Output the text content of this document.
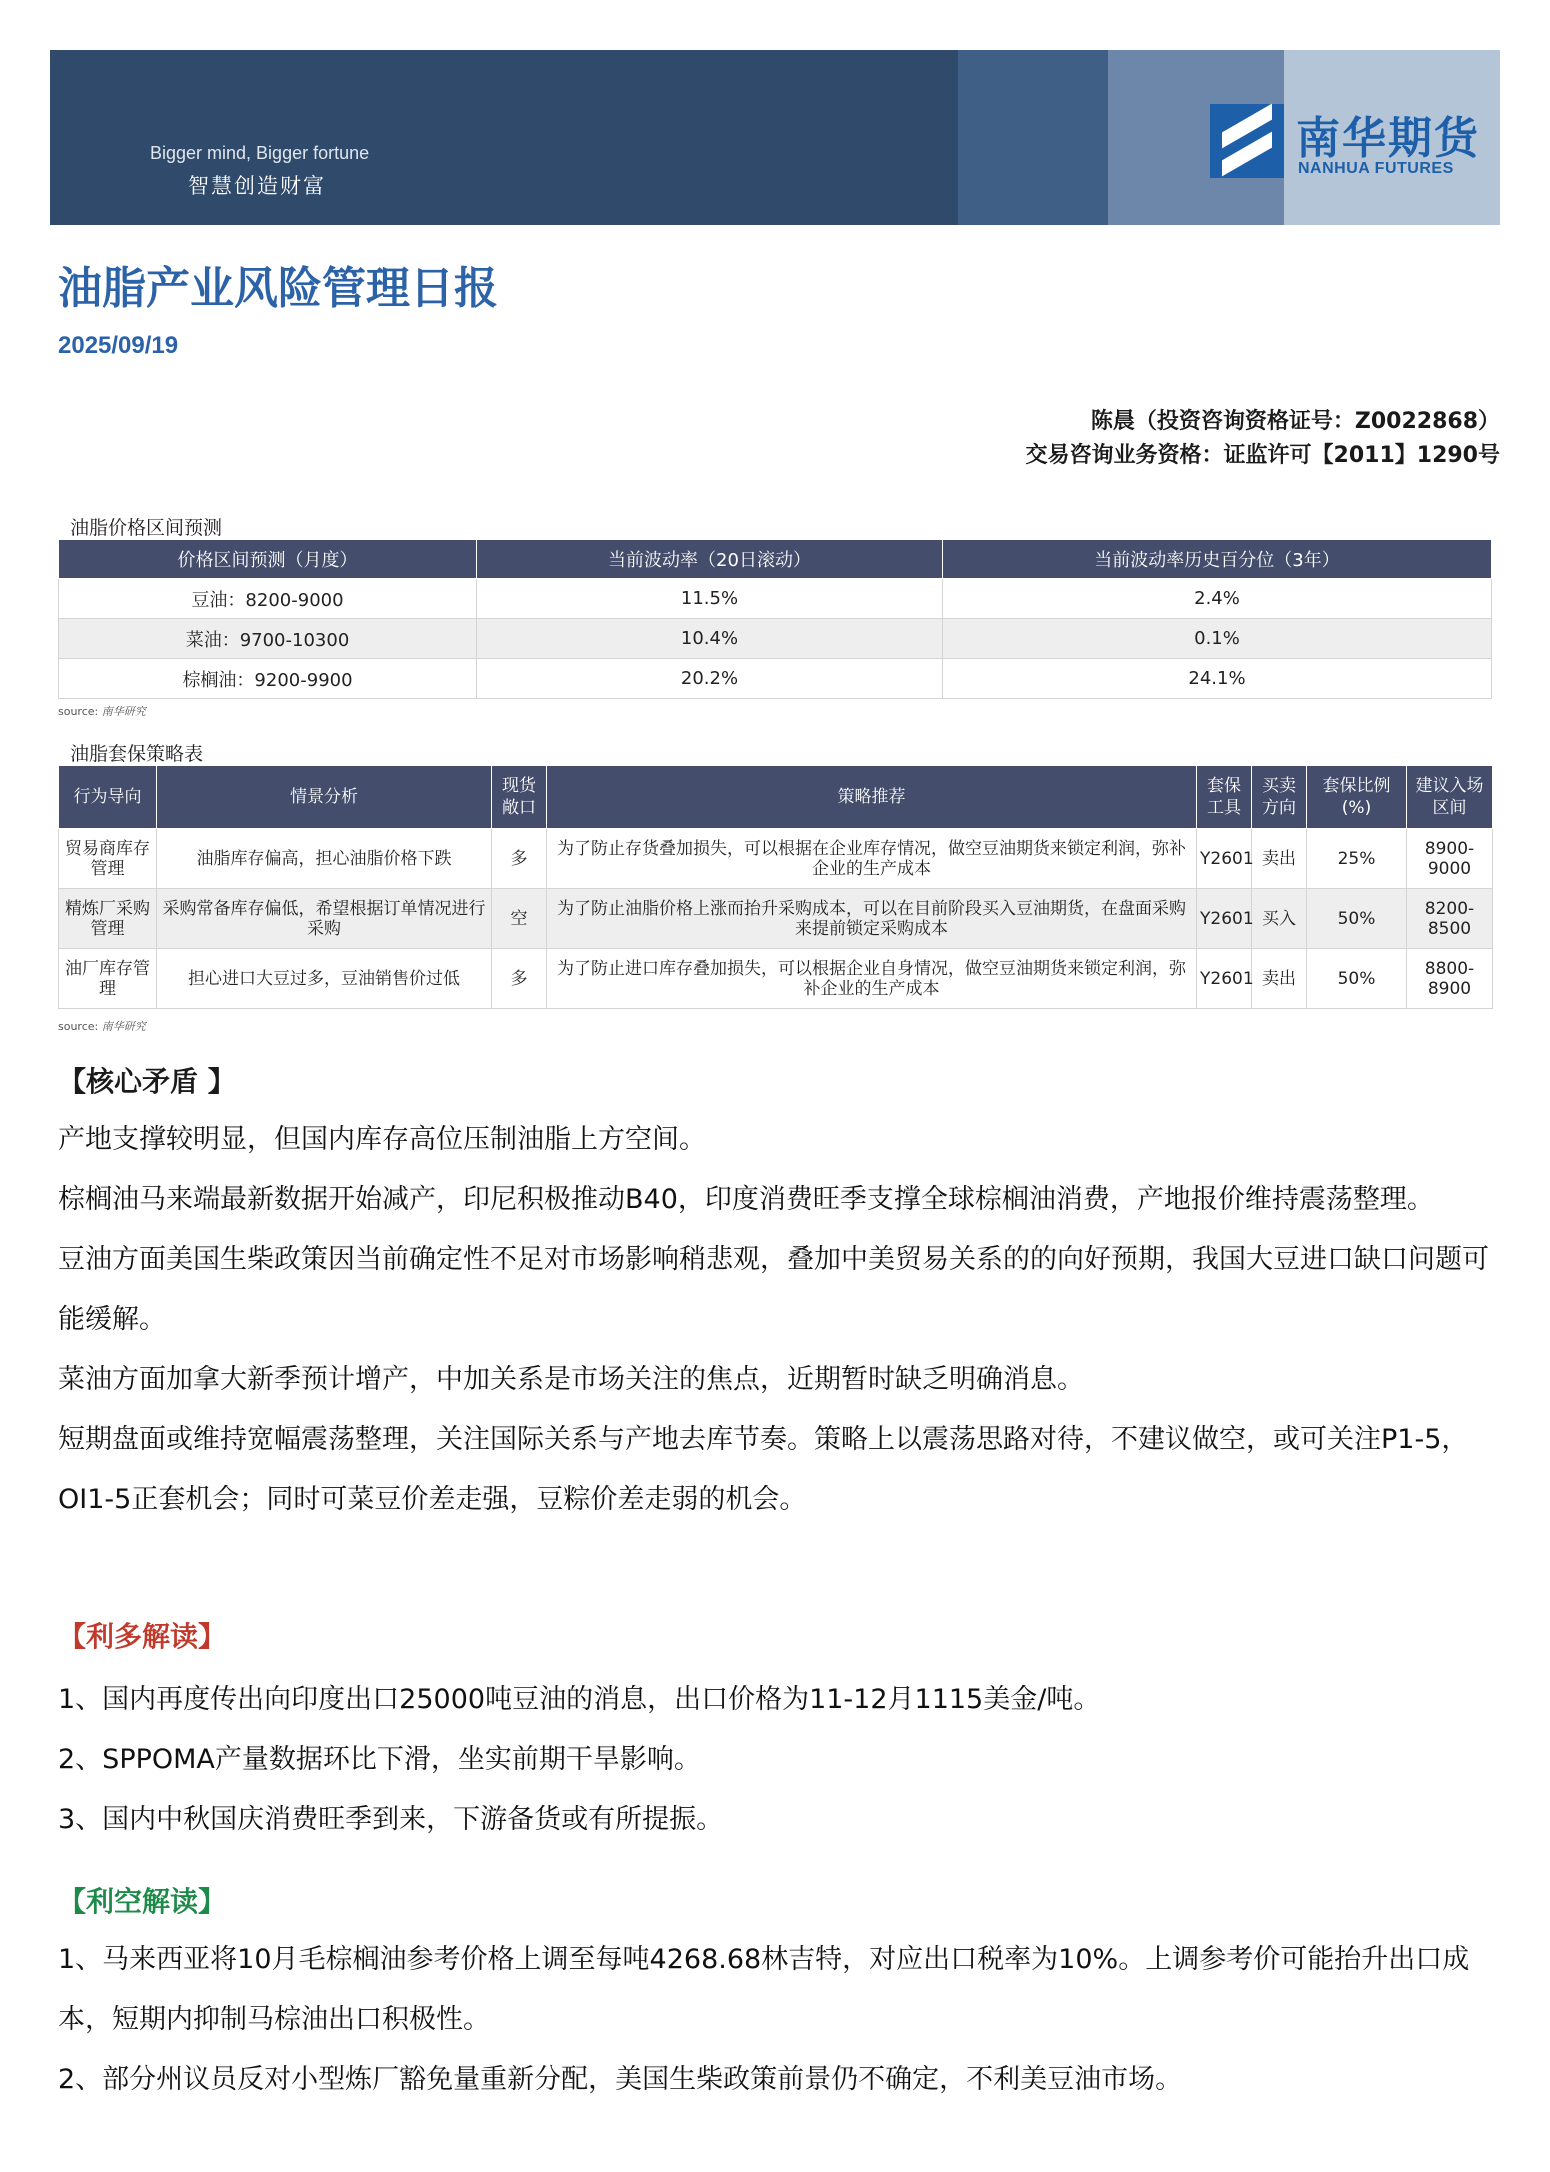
Bigger mind, Bigger fortune
智慧创造财富
南华期货
NANHUA FUTURES
油脂产业风险管理日报
2025/09/19
陈晨（投资咨询资格证号：Z0022868）
交易咨询业务资格：证监许可【2011】1290号
油脂价格区间预测
价格区间预测（月度）	当前波动率（20日滚动）	当前波动率历史百分位（3年）
豆油：8200-9000	11.5%	2.4%
菜油：9700-10300	10.4%	0.1%
棕榈油：9200-9900	20.2%	24.1%
source: 南华研究
油脂套保策略表
行为导向	情景分析	现货敞口	策略推荐	套保工具	买卖方向	套保比例(%)	建议入场区间
贸易商库存管理	油脂库存偏高，担心油脂价格下跌	多	为了防止存货叠加损失，可以根据在企业库存情况，做空豆油期货来锁定利润，弥补企业的生产成本	Y2601	卖出	25%	8900-9000
精炼厂采购管理	采购常备库存偏低，希望根据订单情况进行采购	空	为了防止油脂价格上涨而抬升采购成本，可以在目前阶段买入豆油期货，在盘面采购来提前锁定采购成本	Y2601	买入	50%	8200-8500
油厂库存管理	担心进口大豆过多，豆油销售价过低	多	为了防止进口库存叠加损失，可以根据企业自身情况，做空豆油期货来锁定利润，弥补企业的生产成本	Y2601	卖出	50%	8800-8900
source: 南华研究
【核心矛盾 】

产地支撑较明显，但国内库存高位压制油脂上方空间。

棕榈油马来端最新数据开始减产，印尼积极推动B40，印度消费旺季支撑全球棕榈油消费，产地报价维持震荡整理。

豆油方面美国生柴政策因当前确定性不足对市场影响稍悲观，叠加中美贸易关系的的向好预期，我国大豆进口缺口问题可能缓解。

菜油方面加拿大新季预计增产，中加关系是市场关注的焦点，近期暂时缺乏明确消息。

短期盘面或维持宽幅震荡整理，关注国际关系与产地去库节奏。策略上以震荡思路对待，不建议做空，或可关注P1-5，OI1-5正套机会；同时可菜豆价差走强，豆粽价差走弱的机会。

【利多解读】

1、国内再度传出向印度出口25000吨豆油的消息，出口价格为11-12月1115美金/吨。

2、SPPOMA产量数据环比下滑，坐实前期干旱影响。

3、国内中秋国庆消费旺季到来，下游备货或有所提振。

【利空解读】

1、马来西亚将10月毛棕榈油参考价格上调至每吨4268.68林吉特，对应出口税率为10%。上调参考价可能抬升出口成本，短期内抑制马棕油出口积极性。

2、部分州议员反对小型炼厂豁免量重新分配，美国生柴政策前景仍不确定，不利美豆油市场。
